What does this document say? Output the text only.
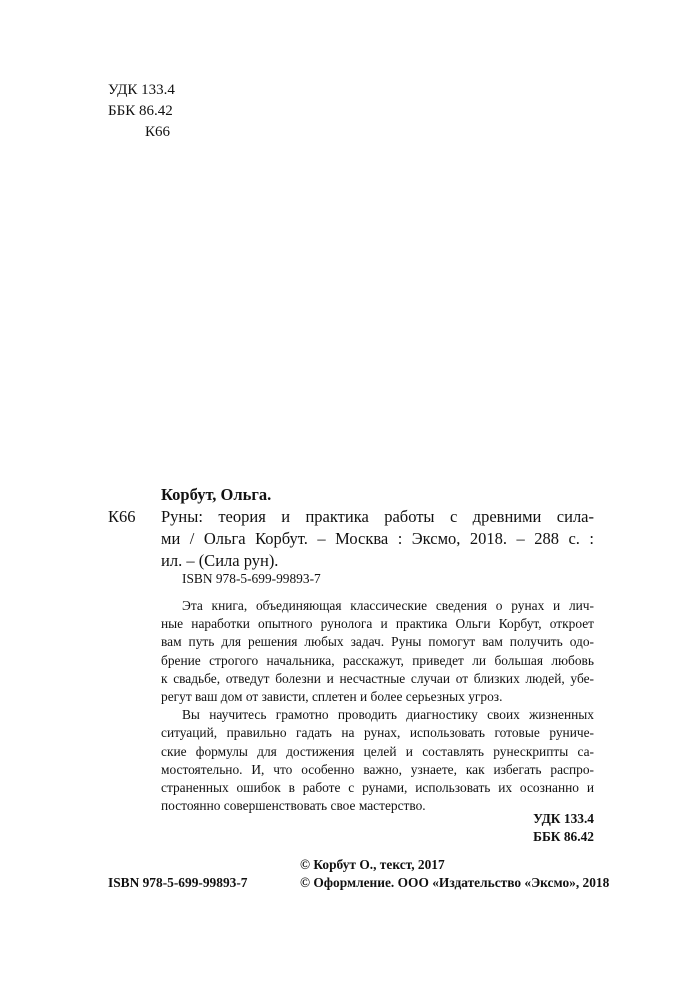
УДК 133.4
ББК 86.42
К66
Корбут, Ольга.
К66 Руны: теория и практика работы с древними сила-
ми / Ольга Корбут. – Москва : Эксмо, 2018. – 288 с. :
ил. – (Сила рун).
ISBN 978-5-699-99893-7

Эта книга, объединяющая классические сведения о рунах и лич-
ные наработки опытного рунолога и практика Ольги Корбут, откроет
вам путь для решения любых задач. Руны помогут вам получить одо-
брение строгого начальника, расскажут, приведет ли большая любовь
к свадьбе, отведут болезни и несчастные случаи от близких людей, убе-
регут ваш дом от зависти, сплетен и более серьезных угроз.

Вы научитесь грамотно проводить диагностику своих жизненных
ситуаций, правильно гадать на рунах, использовать готовые руниче-
ские формулы для достижения целей и составлять рунескрипты са-
мостоятельно. И, что особенно важно, узнаете, как избегать распро-
страненных ошибок в работе с рунами, использовать их осознанно и
постоянно совершенствовать свое мастерство.

УДК 133.4
ББК 86.42
ISBN 978-5-699-99893-7
© Корбут О., текст, 2017
© Оформление. ООО «Издательство «Эксмо», 2018
